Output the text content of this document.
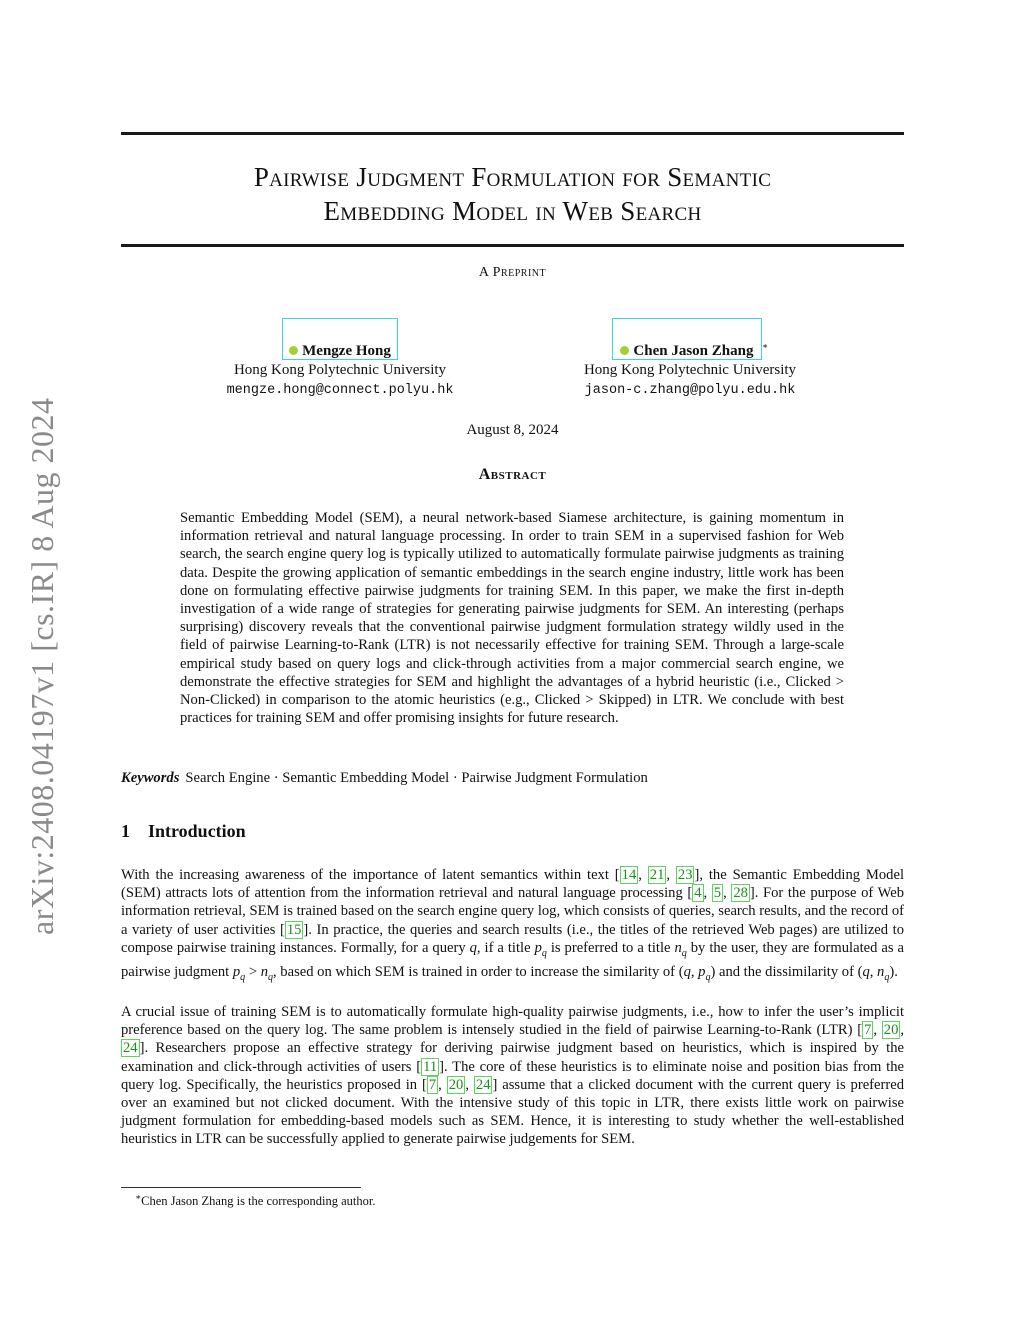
arXiv:2408.04197v1 [cs.IR] 8 Aug 2024
Pairwise Judgment Formulation for Semantic
Embedding Model in Web Search
A Preprint
Mengze Hong
Hong Kong Polytechnic University
mengze.hong@connect.polyu.hk
Chen Jason Zhang ∗
Hong Kong Polytechnic University
jason-c.zhang@polyu.edu.hk
August 8, 2024
Abstract

Semantic Embedding Model (SEM), a neural network-based Siamese architecture, is gaining momentum in information retrieval and natural language processing. In order to train SEM in a supervised fashion for Web search, the search engine query log is typically utilized to automatically formulate pairwise judgments as training data. Despite the growing application of semantic embeddings in the search engine industry, little work has been done on formulating effective pairwise judgments for training SEM. In this paper, we make the first in-depth investigation of a wide range of strategies for generating pairwise judgments for SEM. An interesting (perhaps surprising) discovery reveals that the conventional pairwise judgment formulation strategy wildly used in the field of pairwise Learning-to-Rank (LTR) is not necessarily effective for training SEM. Through a large-scale empirical study based on query logs and click-through activities from a major commercial search engine, we demonstrate the effective strategies for SEM and highlight the advantages of a hybrid heuristic (i.e., Clicked > Non-Clicked) in comparison to the atomic heuristics (e.g., Clicked > Skipped) in LTR. We conclude with best practices for training SEM and offer promising insights for future research.

Keywords Search Engine · Semantic Embedding Model · Pairwise Judgment Formulation
1 Introduction

With the increasing awareness of the importance of latent semantics within text [ 14 , 21 , 23 ], the Semantic Embedding Model (SEM) attracts lots of attention from the information retrieval and natural language processing [ 4 , 5 , 28 ]. For the purpose of Web information retrieval, SEM is trained based on the search engine query log, which consists of queries, search results, and the record of a variety of user activities [ 15 ]. In practice, the queries and search results (i.e., the titles of the retrieved Web pages) are utilized to compose pairwise training instances. Formally, for a query q, if a title $p_q$ is preferred to a title $n_q$ by the user, they are formulated as a pairwise judgment $p_q > n_q$, based on which SEM is trained in order to increase the similarity of (q, $p_q$) and the dissimilarity of (q, $n_q$).

A crucial issue of training SEM is to automatically formulate high-quality pairwise judgments, i.e., how to infer the user’s implicit preference based on the query log. The same problem is intensely studied in the field of pairwise Learning-to-Rank (LTR) [ 7 , 20 , 24 ]. Researchers propose an effective strategy for deriving pairwise judgment based on heuristics, which is inspired by the examination and click-through activities of users [ 11 ]. The core of these heuristics is to eliminate noise and position bias from the query log. Specifically, the heuristics proposed in [ 7 , 20 , 24 ] assume that a clicked document with the current query is preferred over an examined but not clicked document. With the intensive study of this topic in LTR, there exists little work on pairwise judgment formulation for embedding-based models such as SEM. Hence, it is interesting to study whether the well-established heuristics in LTR can be successfully applied to generate pairwise judgements for SEM.

∗Chen Jason Zhang is the corresponding author.
